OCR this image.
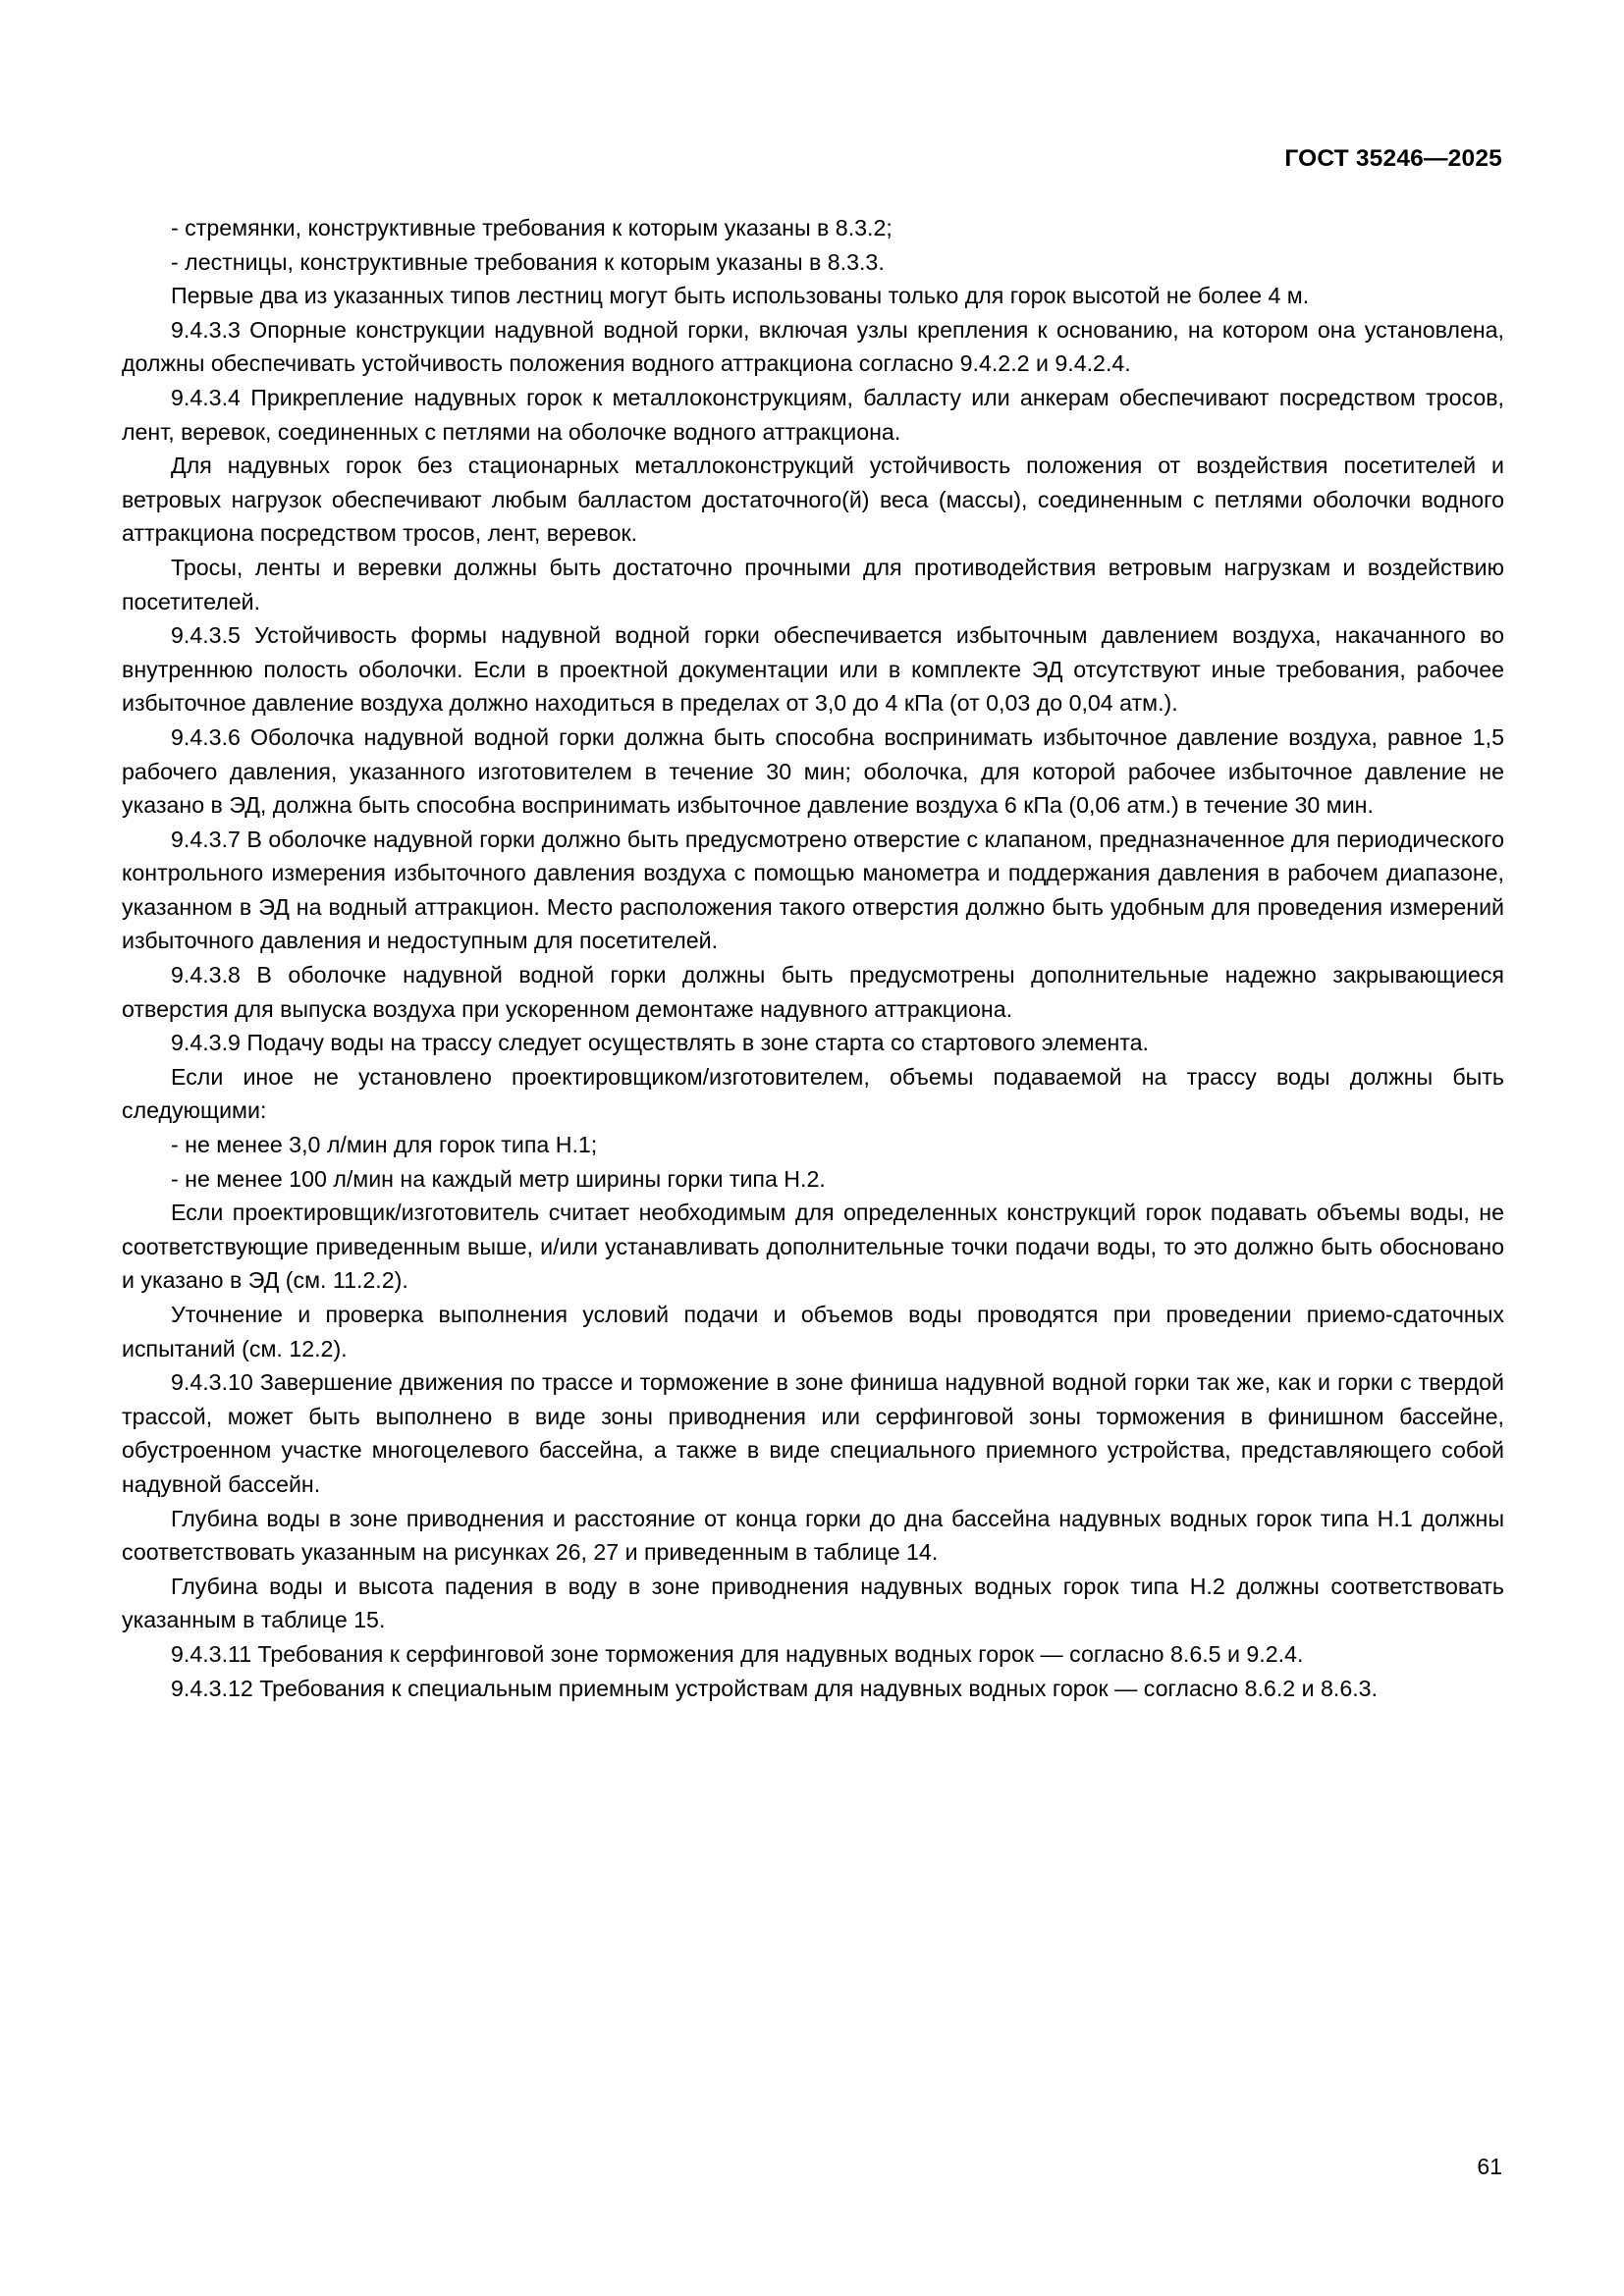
ГОСТ 35246—2025

- стремянки, конструктивные требования к которым указаны в 8.3.2;

- лестницы, конструктивные требования к которым указаны в 8.3.3.

Первые два из указанных типов лестниц могут быть использованы только для горок высотой не более 4 м.

9.4.3.3 Опорные конструкции надувной водной горки, включая узлы крепления к основанию, на котором она установлена, должны обеспечивать устойчивость положения водного аттракциона согласно 9.4.2.2 и 9.4.2.4.

9.4.3.4 Прикрепление надувных горок к металлоконструкциям, балласту или анкерам обеспечивают посредством тросов, лент, веревок, соединенных с петлями на оболочке водного аттракциона.

Для надувных горок без стационарных металлоконструкций устойчивость положения от воздействия посетителей и ветровых нагрузок обеспечивают любым балластом достаточного(й) веса (массы), соединенным с петлями оболочки водного аттракциона посредством тросов, лент, веревок.

Тросы, ленты и веревки должны быть достаточно прочными для противодействия ветровым нагрузкам и воздействию посетителей.

9.4.3.5 Устойчивость формы надувной водной горки обеспечивается избыточным давлением воздуха, накачанного во внутреннюю полость оболочки. Если в проектной документации или в комплекте ЭД отсутствуют иные требования, рабочее избыточное давление воздуха должно находиться в пределах от 3,0 до 4 кПа (от 0,03 до 0,04 атм.).

9.4.3.6 Оболочка надувной водной горки должна быть способна воспринимать избыточное давление воздуха, равное 1,5 рабочего давления, указанного изготовителем в течение 30 мин; оболочка, для которой рабочее избыточное давление не указано в ЭД, должна быть способна воспринимать избыточное давление воздуха 6 кПа (0,06 атм.) в течение 30 мин.

9.4.3.7 В оболочке надувной горки должно быть предусмотрено отверстие с клапаном, предназначенное для периодического контрольного измерения избыточного давления воздуха с помощью манометра и поддержания давления в рабочем диапазоне, указанном в ЭД на водный аттракцион. Место расположения такого отверстия должно быть удобным для проведения измерений избыточного давления и недоступным для посетителей.

9.4.3.8 В оболочке надувной водной горки должны быть предусмотрены дополнительные надежно закрывающиеся отверстия для выпуска воздуха при ускоренном демонтаже надувного аттракциона.

9.4.3.9 Подачу воды на трассу следует осуществлять в зоне старта со стартового элемента.

Если иное не установлено проектировщиком/изготовителем, объемы подаваемой на трассу воды должны быть следующими:

- не менее 3,0 л/мин для горок типа Н.1;

- не менее 100 л/мин на каждый метр ширины горки типа Н.2.

Если проектировщик/изготовитель считает необходимым для определенных конструкций горок подавать объемы воды, не соответствующие приведенным выше, и/или устанавливать дополнительные точки подачи воды, то это должно быть обосновано и указано в ЭД (см. 11.2.2).

Уточнение и проверка выполнения условий подачи и объемов воды проводятся при проведении приемо-сдаточных испытаний (см. 12.2).

9.4.3.10 Завершение движения по трассе и торможение в зоне финиша надувной водной горки так же, как и горки с твердой трассой, может быть выполнено в виде зоны приводнения или серфинговой зоны торможения в финишном бассейне, обустроенном участке многоцелевого бассейна, а также в виде специального приемного устройства, представляющего собой надувной бассейн.

Глубина воды в зоне приводнения и расстояние от конца горки до дна бассейна надувных водных горок типа Н.1 должны соответствовать указанным на рисунках 26, 27 и приведенным в таблице 14.

Глубина воды и высота падения в воду в зоне приводнения надувных водных горок типа Н.2 должны соответствовать указанным в таблице 15.

9.4.3.11 Требования к серфинговой зоне торможения для надувных водных горок — согласно 8.6.5 и 9.2.4.

9.4.3.12 Требования к специальным приемным устройствам для надувных водных горок — согласно 8.6.2 и 8.6.3.

61
